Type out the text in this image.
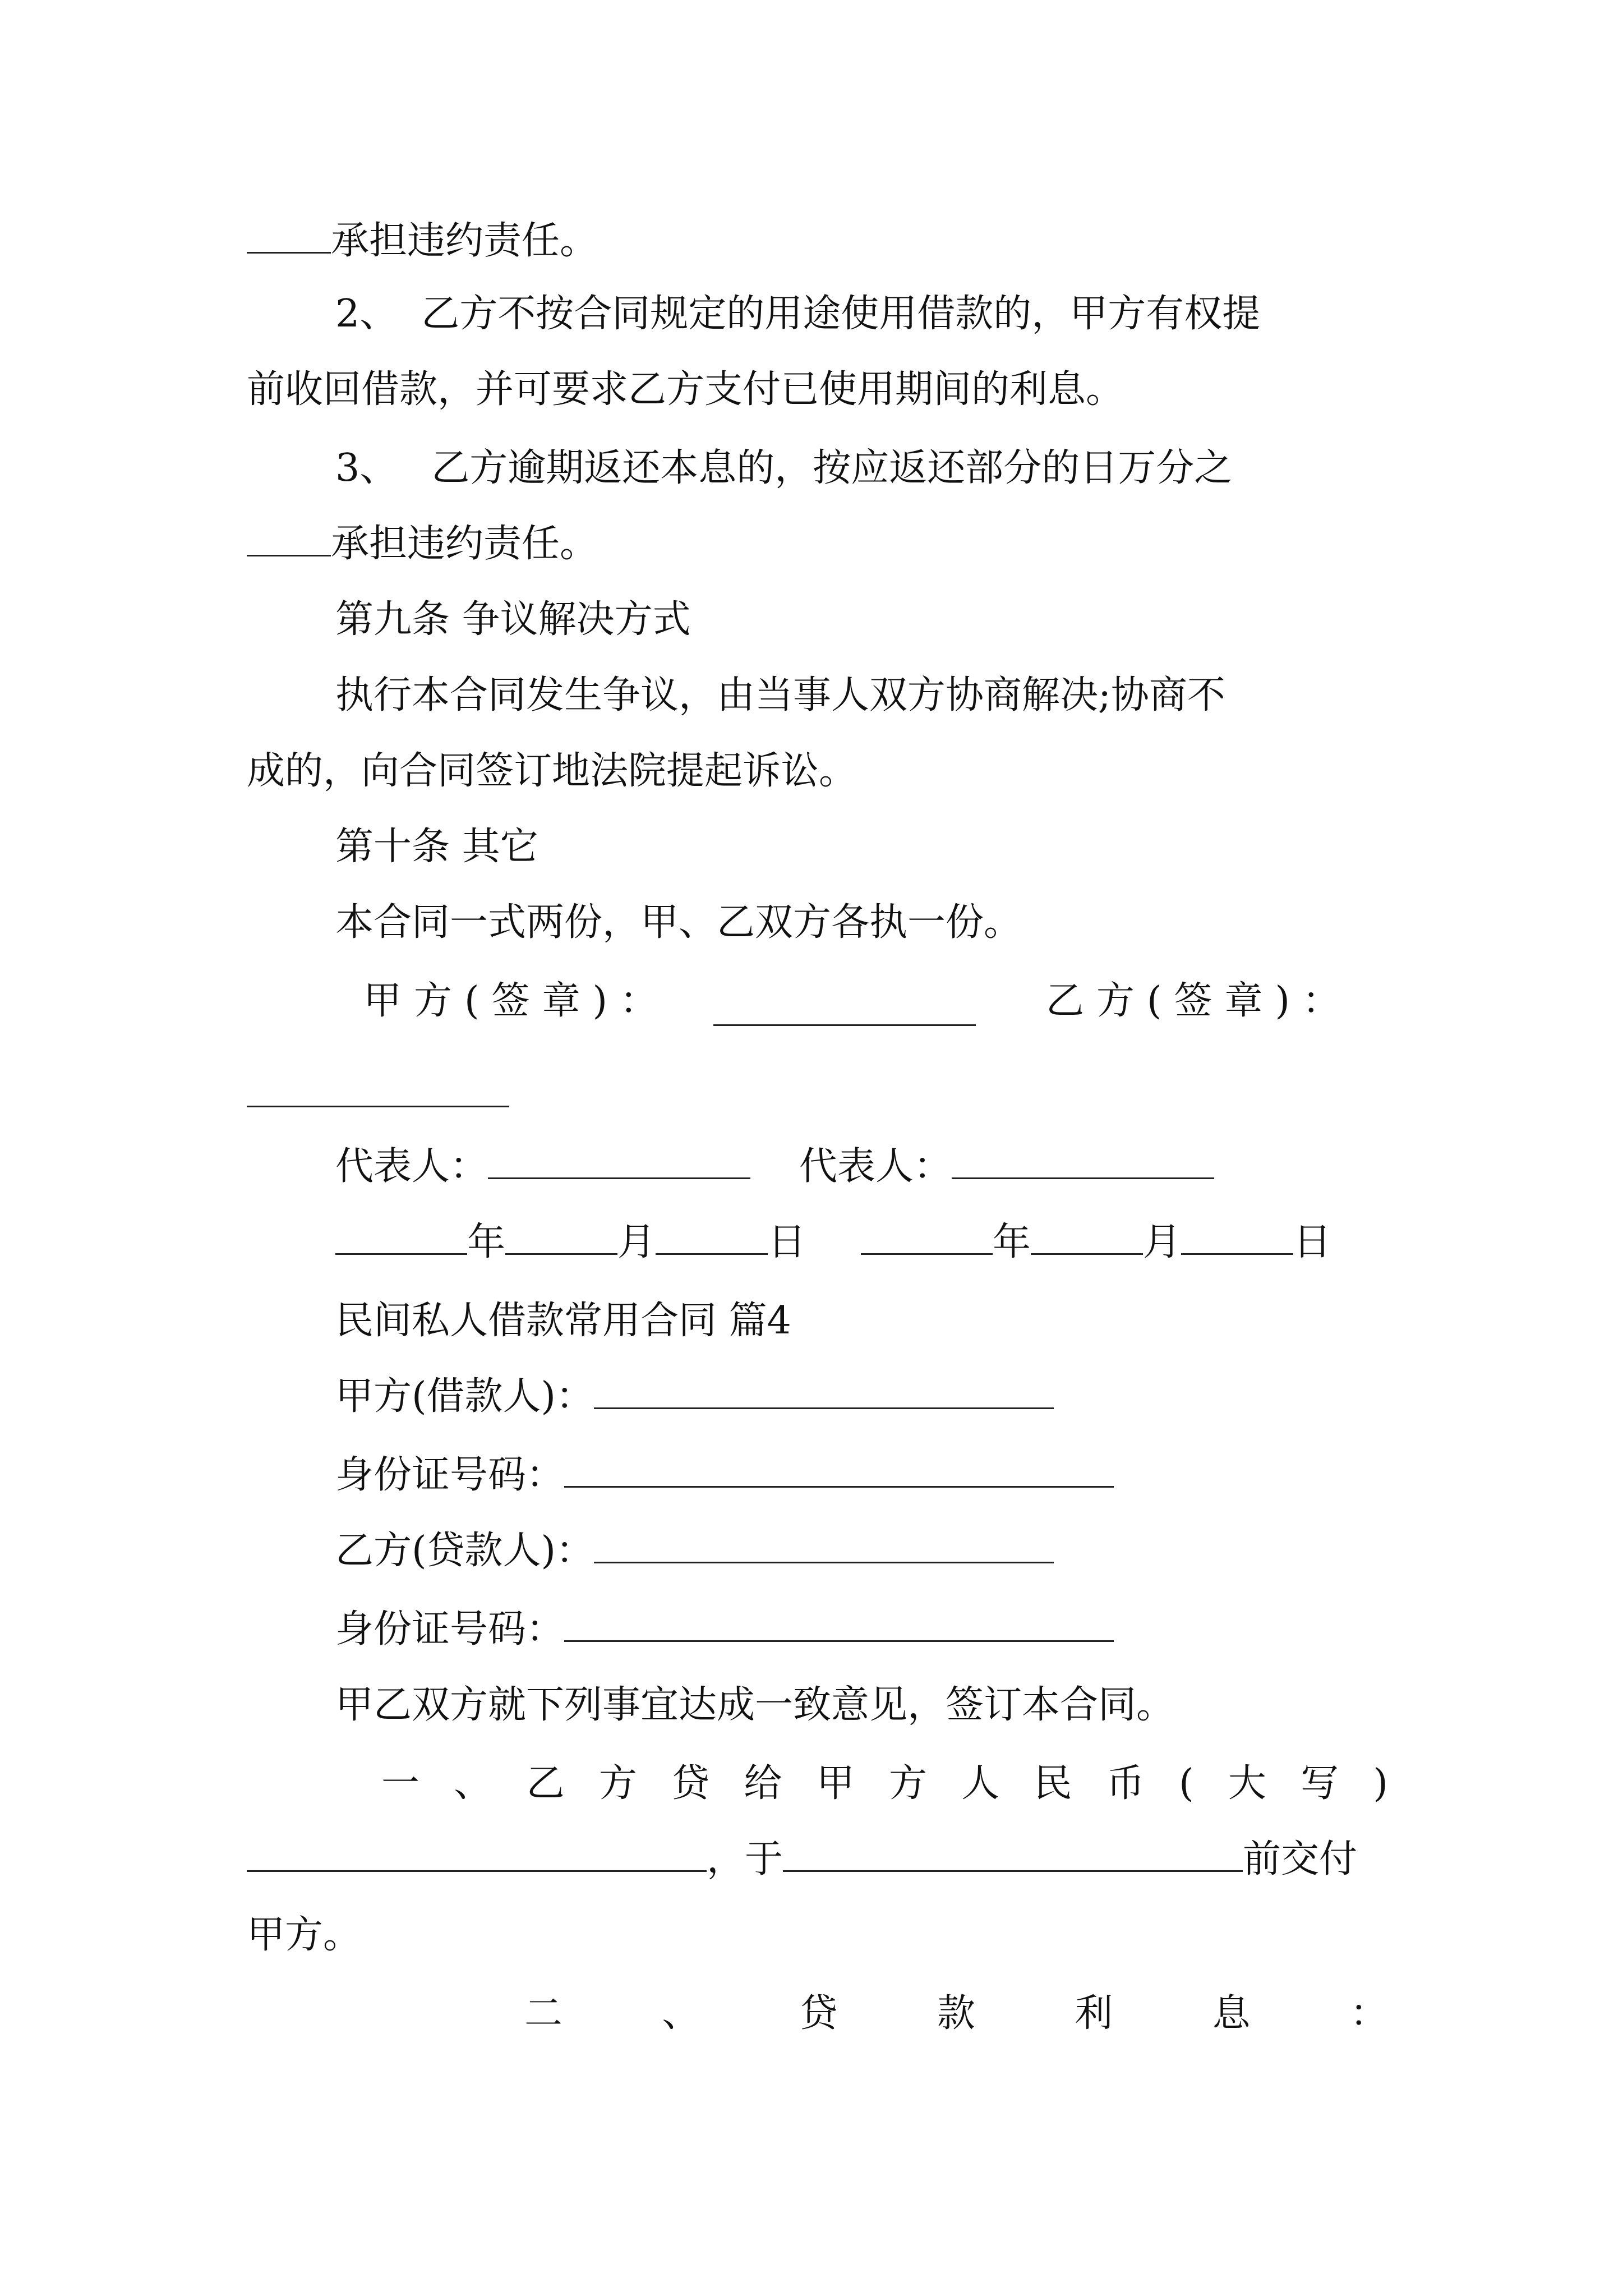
承担违约责任。
2、 乙方不按合同规定的用途使用借款的，甲方有权提
前收回借款，并可要求乙方支付已使用期间的利息。
3、 乙方逾期返还本息的，按应返还部分的日万分之
承担违约责任。
第九条 争议解决方式
执行本合同发生争议，由当事人双方协商解决;协商不
成的，向合同签订地法院提起诉讼。
第十条 其它
本合同一式两份，甲、乙双方各执一份。
甲方(签章)：	乙方(签章)：
代表人：	代表人：
年	月	日	年	月	日
民间私人借款常用合同 篇4
甲方(借款人)：
身份证号码：
乙方(贷款人)：
身份证号码：
甲乙双方就下列事宜达成一致意见，签订本合同。
一 、 乙 方 贷 给 甲 方 人 民 币 ( 大 写 )
，于	前交付
甲方。
二	、	贷	款	利	息	：
